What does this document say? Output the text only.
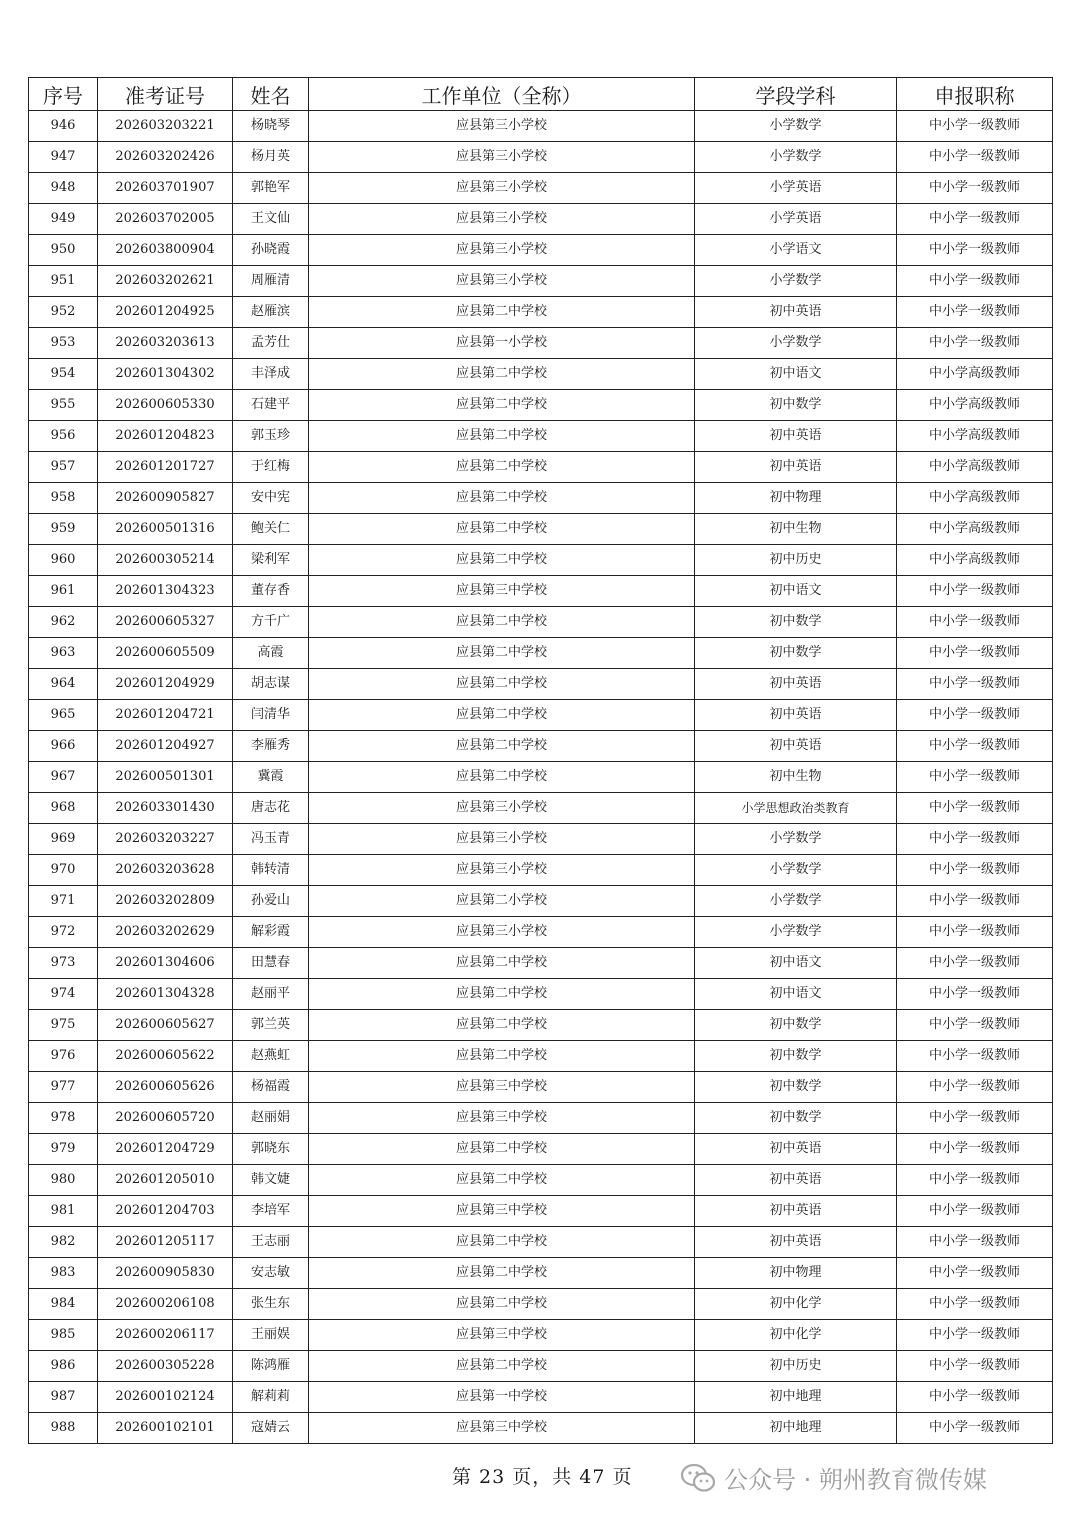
序号	准考证号	姓名	工作单位（全称）	学段学科	申报职称
946	202603203221	杨晓琴	应县第三小学校	小学数学	中小学一级教师
947	202603202426	杨月英	应县第三小学校	小学数学	中小学一级教师
948	202603701907	郭艳军	应县第三小学校	小学英语	中小学一级教师
949	202603702005	王文仙	应县第三小学校	小学英语	中小学一级教师
950	202603800904	孙晓霞	应县第三小学校	小学语文	中小学一级教师
951	202603202621	周雁清	应县第三小学校	小学数学	中小学一级教师
952	202601204925	赵雁滨	应县第二中学校	初中英语	中小学一级教师
953	202603203613	孟芳仕	应县第一小学校	小学数学	中小学一级教师
954	202601304302	丰泽成	应县第二中学校	初中语文	中小学高级教师
955	202600605330	石建平	应县第二中学校	初中数学	中小学高级教师
956	202601204823	郭玉珍	应县第二中学校	初中英语	中小学高级教师
957	202601201727	于红梅	应县第二中学校	初中英语	中小学高级教师
958	202600905827	安中宪	应县第二中学校	初中物理	中小学高级教师
959	202600501316	鲍关仁	应县第二中学校	初中生物	中小学高级教师
960	202600305214	梁利军	应县第二中学校	初中历史	中小学高级教师
961	202601304323	董存香	应县第三中学校	初中语文	中小学一级教师
962	202600605327	方千广	应县第二中学校	初中数学	中小学一级教师
963	202600605509	高霞	应县第二中学校	初中数学	中小学一级教师
964	202601204929	胡志谋	应县第二中学校	初中英语	中小学一级教师
965	202601204721	闫清华	应县第二中学校	初中英语	中小学一级教师
966	202601204927	李雁秀	应县第二中学校	初中英语	中小学一级教师
967	202600501301	冀霞	应县第二中学校	初中生物	中小学一级教师
968	202603301430	唐志花	应县第三小学校	小学思想政治类教育	中小学一级教师
969	202603203227	冯玉青	应县第三小学校	小学数学	中小学一级教师
970	202603203628	韩转清	应县第三小学校	小学数学	中小学一级教师
971	202603202809	孙爱山	应县第二小学校	小学数学	中小学一级教师
972	202603202629	解彩霞	应县第三小学校	小学数学	中小学一级教师
973	202601304606	田慧春	应县第二中学校	初中语文	中小学一级教师
974	202601304328	赵丽平	应县第二中学校	初中语文	中小学一级教师
975	202600605627	郭兰英	应县第二中学校	初中数学	中小学一级教师
976	202600605622	赵燕虹	应县第二中学校	初中数学	中小学一级教师
977	202600605626	杨福霞	应县第三中学校	初中数学	中小学一级教师
978	202600605720	赵丽娟	应县第三中学校	初中数学	中小学一级教师
979	202601204729	郭晓东	应县第二中学校	初中英语	中小学一级教师
980	202601205010	韩文婕	应县第二中学校	初中英语	中小学一级教师
981	202601204703	李培军	应县第三中学校	初中英语	中小学一级教师
982	202601205117	王志丽	应县第二中学校	初中英语	中小学一级教师
983	202600905830	安志敏	应县第二中学校	初中物理	中小学一级教师
984	202600206108	张生东	应县第二中学校	初中化学	中小学一级教师
985	202600206117	王丽娱	应县第三中学校	初中化学	中小学一级教师
986	202600305228	陈鸿雁	应县第二中学校	初中历史	中小学一级教师
987	202600102124	解莉莉	应县第一中学校	初中地理	中小学一级教师
988	202600102101	寇婧云	应县第三中学校	初中地理	中小学一级教师
第 23 页，共 47 页	公众号 · 朔州教育微传媒
